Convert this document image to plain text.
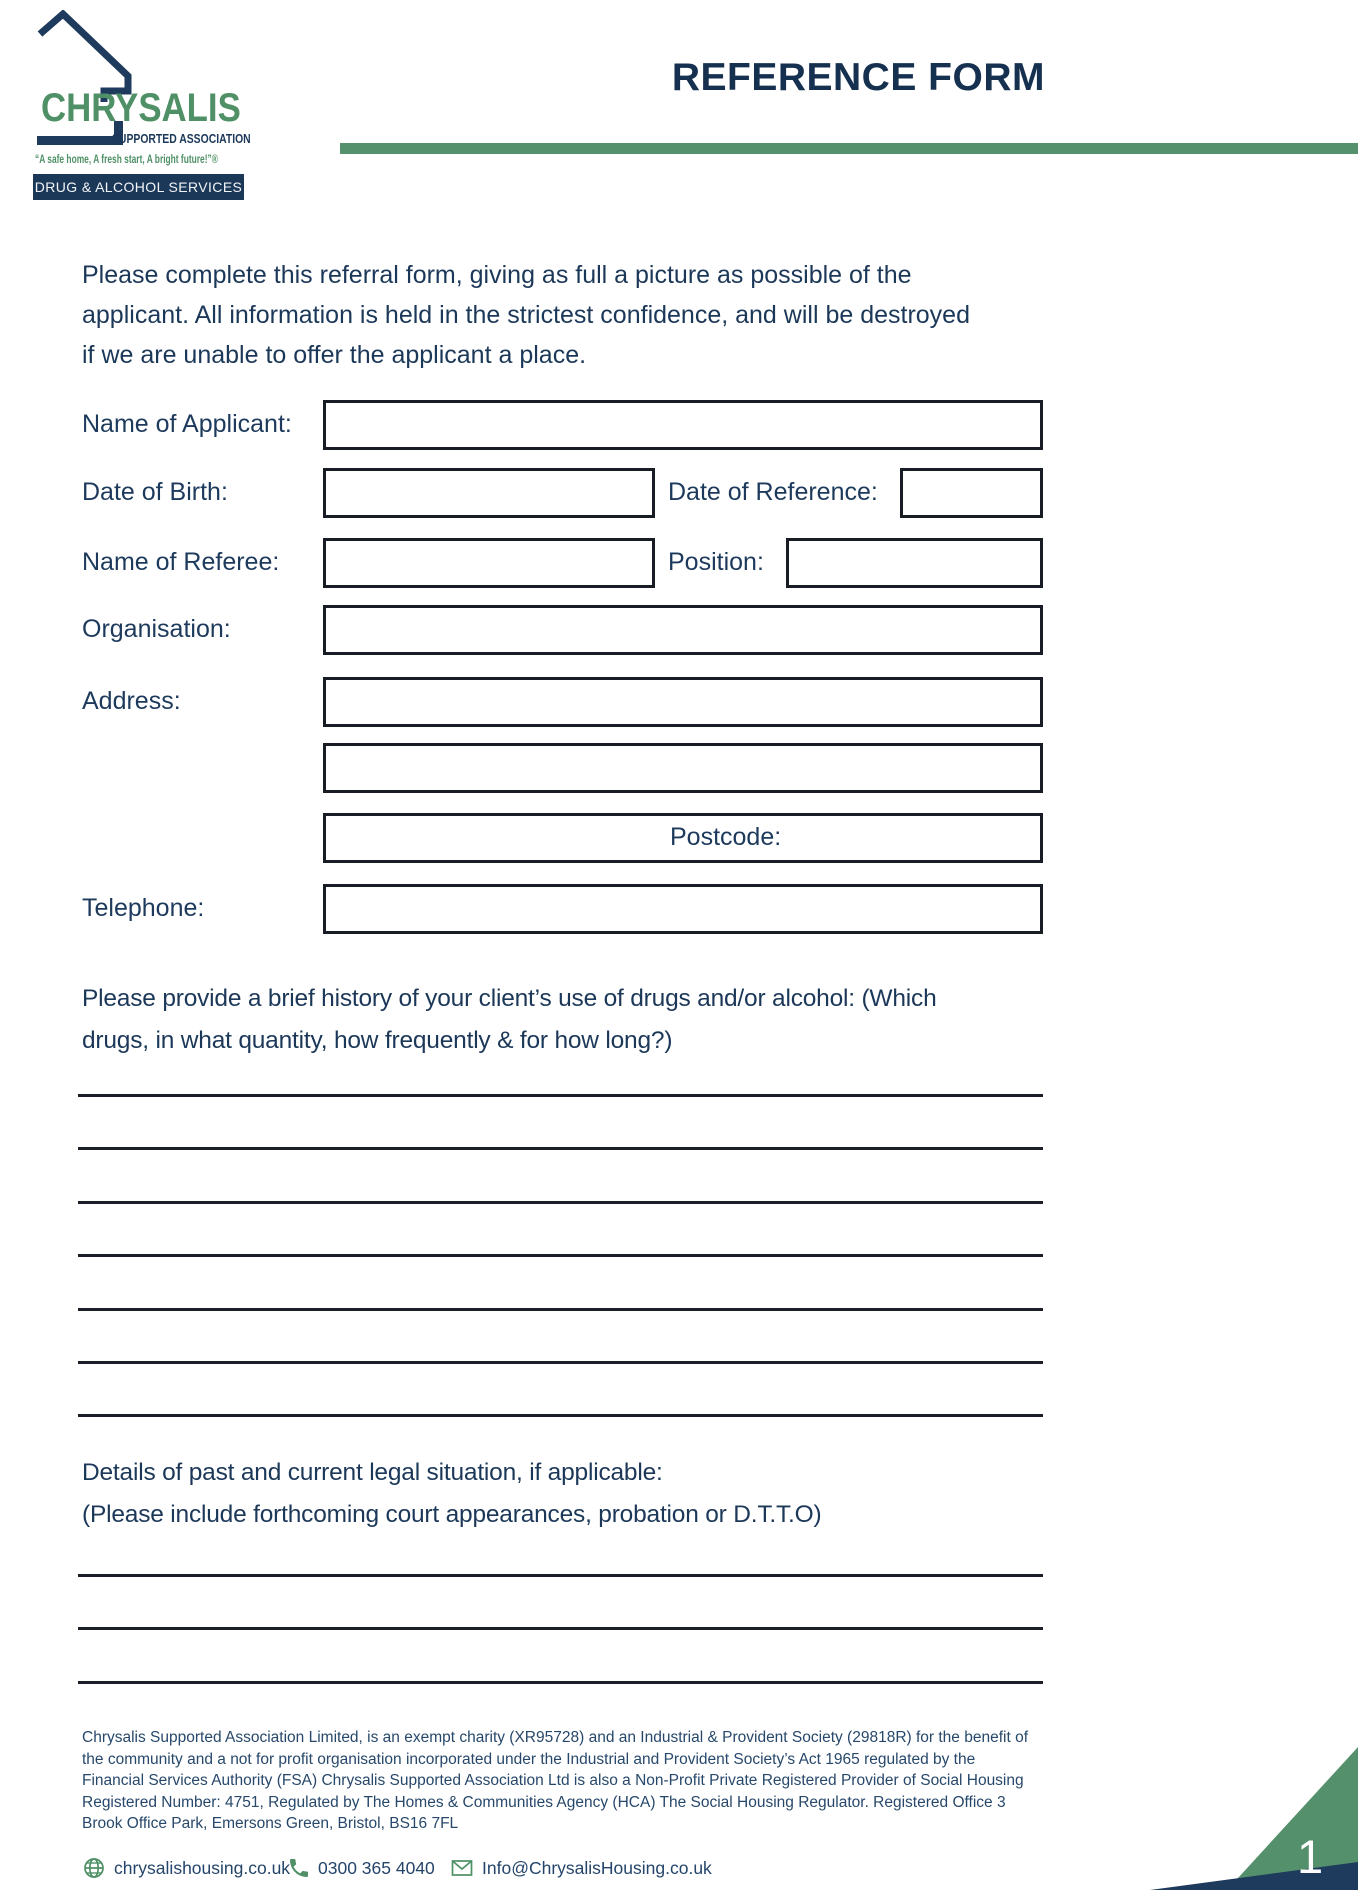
CHRYSALIS
SUPPORTED ASSOCIATION
“A safe home, A fresh start, A bright future!”®
DRUG & ALCOHOL SERVICES
REFERENCE FORM
Please complete this referral form, giving as full a picture as possible of the
applicant. All information is held in the strictest confidence, and will be destroyed
if we are unable to offer the applicant a place.
Name of Applicant:
Date of Birth:	Date of Reference:
Name of Referee:	Position:
Organisation:
Address:
Postcode:
Telephone:
Please provide a brief history of your client’s use of drugs and/or alcohol: (Which
drugs, in what quantity, how frequently & for how long?)
Details of past and current legal situation, if applicable:
(Please include forthcoming court appearances, probation or D.T.T.O)
Chrysalis Supported Association Limited, is an exempt charity (XR95728) and an Industrial & Provident Society (29818R) for the benefit of the community and a not for profit organisation incorporated under the Industrial and Provident Society’s Act 1965 regulated by the Financial Services Authority (FSA) Chrysalis Supported Association Ltd is also a Non-Profit Private Registered Provider of Social Housing Registered Number: 4751, Regulated by The Homes & Communities Agency (HCA) The Social Housing Regulator. Registered Office 3 Brook Office Park, Emersons Green, Bristol, BS16 7FL
chrysalishousing.co.uk 0300 365 4040	Info@ChrysalisHousing.co.uk	1
